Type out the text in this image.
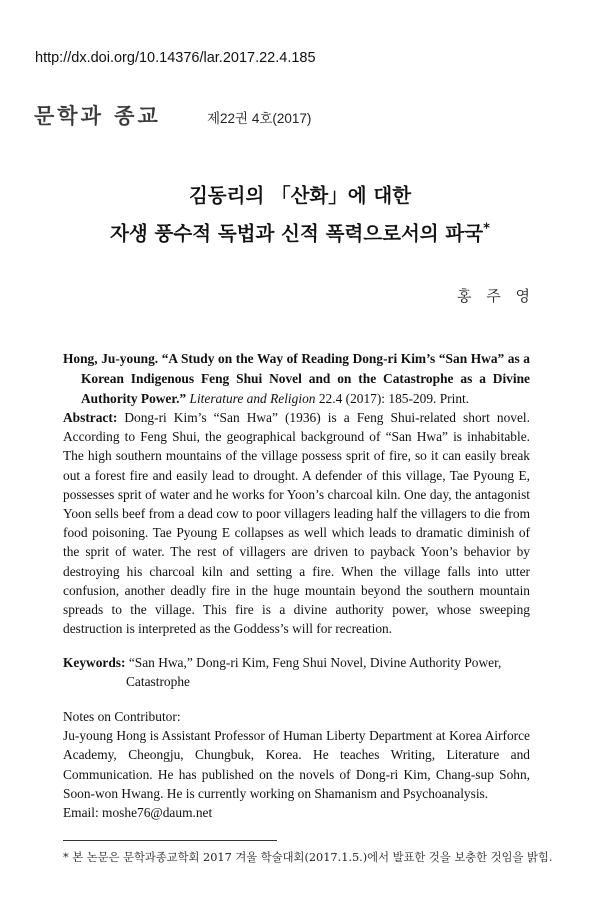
http://dx.doi.org/10.14376/lar.2017.22.4.185
문학과 종교	제22권 4호(2017)
김동리의 「산화」에 대한
자생 풍수적 독법과 신적 폭력으로서의 파국*
홍 주 영
Hong, Ju-young. “A Study on the Way of Reading Dong-ri Kim’s “San Hwa” as a Korean Indigenous Feng Shui Novel and on the Catastrophe as a Divine Authority Power.” Literature and Religion 22.4 (2017): 185-209. Print.
Abstract: Dong-ri Kim’s “San Hwa” (1936) is a Feng Shui-related short novel. According to Feng Shui, the geographical background of “San Hwa” is inhabitable. The high southern mountains of the village possess sprit of fire, so it can easily break out a forest fire and easily lead to drought. A defender of this village, Tae Pyoung E, possesses sprit of water and he works for Yoon’s charcoal kiln. One day, the antagonist Yoon sells beef from a dead cow to poor villagers leading half the villagers to die from food poisoning. Tae Pyoung E collapses as well which leads to dramatic diminish of the sprit of water. The rest of villagers are driven to payback Yoon’s behavior by destroying his charcoal kiln and setting a fire. When the village falls into utter confusion, another deadly fire in the huge mountain beyond the southern mountain spreads to the village. This fire is a divine authority power, whose sweeping destruction is interpreted as the Goddess’s will for recreation.
Keywords: “San Hwa,” Dong-ri Kim, Feng Shui Novel, Divine Authority Power, Catastrophe
Notes on Contributor:
Ju-young Hong is Assistant Professor of Human Liberty Department at Korea Airforce Academy, Cheongju, Chungbuk, Korea. He teaches Writing, Literature and Communication. He has published on the novels of Dong-ri Kim, Chang-sup Sohn, Soon-won Hwang. He is currently working on Shamanism and Psychoanalysis.
Email: moshe76@daum.net
* 본 논문은 문학과종교학회 2017 겨울 학술대회(2017.1.5.)에서 발표한 것을 보충한 것임을 밝힘.
